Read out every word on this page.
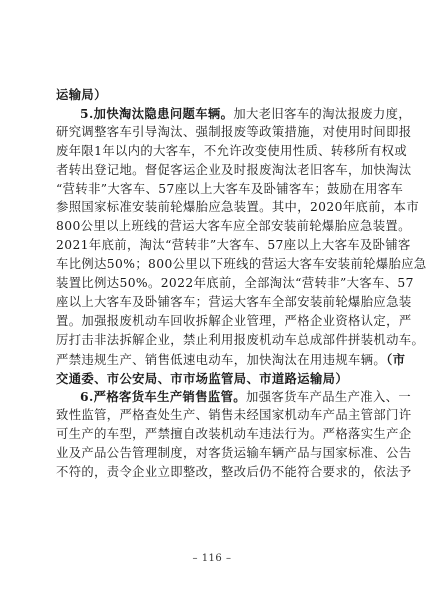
运输局）
5.加快淘汰隐患问题车辆。加大老旧客车的淘汰报废力度，
研究调整客车引导淘汰、强制报废等政策措施，对使用时间即报
废年限1年以内的大客车，不允许改变使用性质、转移所有权或
者转出登记地。督促客运企业及时报废淘汰老旧客车，加快淘汰
“营转非”大客车、57座以上大客车及卧铺客车；鼓励在用客车
参照国家标准安装前轮爆胎应急装置。其中，2020年底前，本市
800公里以上班线的营运大客车应全部安装前轮爆胎应急装置。
2021年底前，淘汰“营转非”大客车、57座以上大客车及卧铺客
车比例达50%；800公里以下班线的营运大客车安装前轮爆胎应急
装置比例达50%。2022年底前，全部淘汰“营转非”大客车、57
座以上大客车及卧铺客车；营运大客车全部安装前轮爆胎应急装
置。加强报废机动车回收拆解企业管理，严格企业资格认定，严
厉打击非法拆解企业，禁止利用报废机动车总成部件拼装机动车。
严禁违规生产、销售低速电动车，加快淘汰在用违规车辆。（市
交通委、市公安局、市市场监管局、市道路运输局）
6.严格客货车生产销售监管。加强客货车产品生产准入、一
致性监管，严格查处生产、销售未经国家机动车产品主管部门许
可生产的车型，严禁擅自改装机动车违法行为。严格落实生产企
业及产品公告管理制度，对客货运输车辆产品与国家标准、公告
不符的，责令企业立即整改，整改后仍不能符合要求的，依法予
– 116 –
